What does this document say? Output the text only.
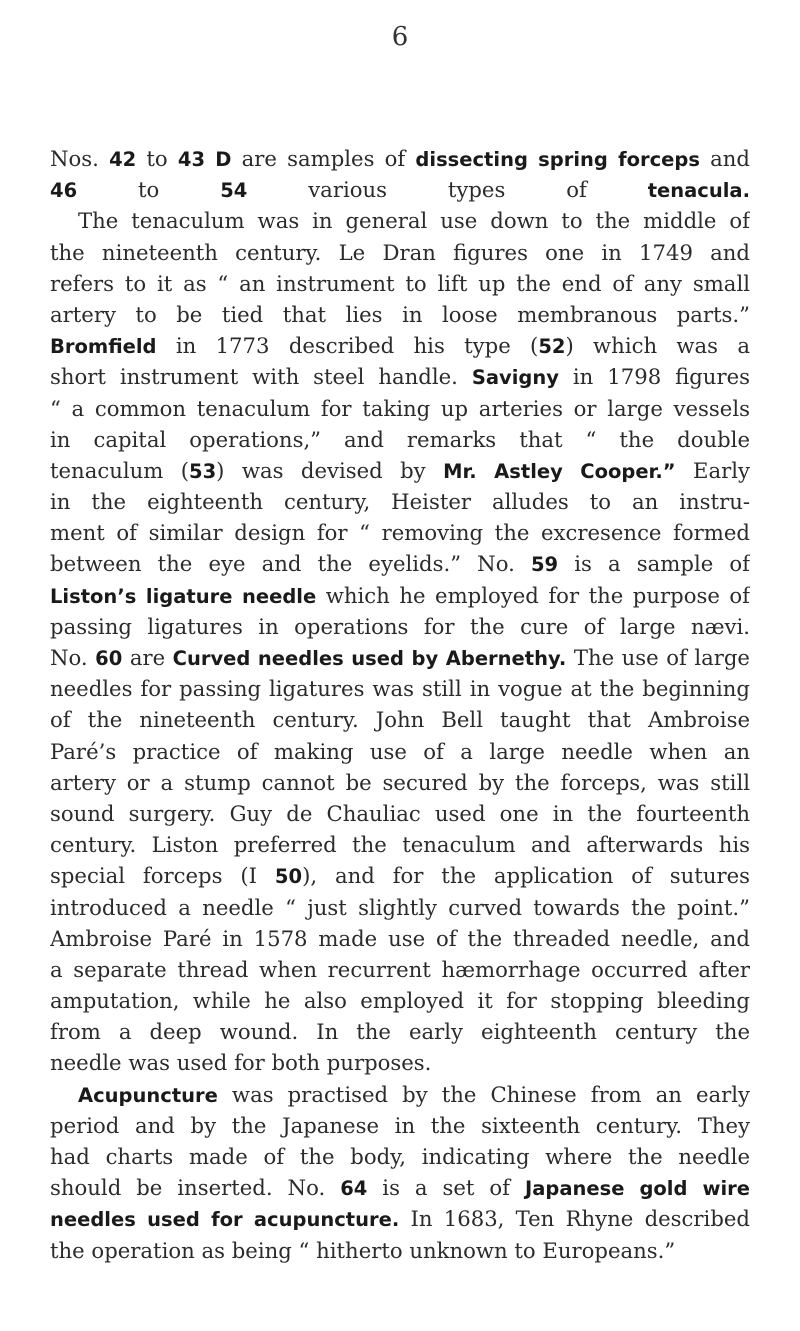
6
Nos. 42 to 43 D are samples of dissecting spring forceps and
46 to 54 various types of tenacula.
The tenaculum was in general use down to the middle of
the nineteenth century. Le Dran figures one in 1749 and
refers to it as “ an instrument to lift up the end of any small
artery to be tied that lies in loose membranous parts.”
Bromfield in 1773 described his type (52) which was a
short instrument with steel handle. Savigny in 1798 figures
“ a common tenaculum for taking up arteries or large vessels
in capital operations,” and remarks that “ the double
tenaculum (53) was devised by Mr. Astley Cooper.” Early
in the eighteenth century, Heister alludes to an instru-
ment of similar design for “ removing the excresence formed
between the eye and the eyelids.” No. 59 is a sample of
Liston’s ligature needle which he employed for the purpose of
passing ligatures in operations for the cure of large nævi.
No. 60 are Curved needles used by Abernethy. The use of large
needles for passing ligatures was still in vogue at the beginning
of the nineteenth century. John Bell taught that Ambroise
Paré’s practice of making use of a large needle when an
artery or a stump cannot be secured by the forceps, was still
sound surgery. Guy de Chauliac used one in the fourteenth
century. Liston preferred the tenaculum and afterwards his
special forceps (I 50), and for the application of sutures
introduced a needle “ just slightly curved towards the point.”
Ambroise Paré in 1578 made use of the threaded needle, and
a separate thread when recurrent hæmorrhage occurred after
amputation, while he also employed it for stopping bleeding
from a deep wound. In the early eighteenth century the
needle was used for both purposes.
Acupuncture was practised by the Chinese from an early
period and by the Japanese in the sixteenth century. They
had charts made of the body, indicating where the needle
should be inserted. No. 64 is a set of Japanese gold wire
needles used for acupuncture. In 1683, Ten Rhyne described
the operation as being “ hitherto unknown to Europeans.”
